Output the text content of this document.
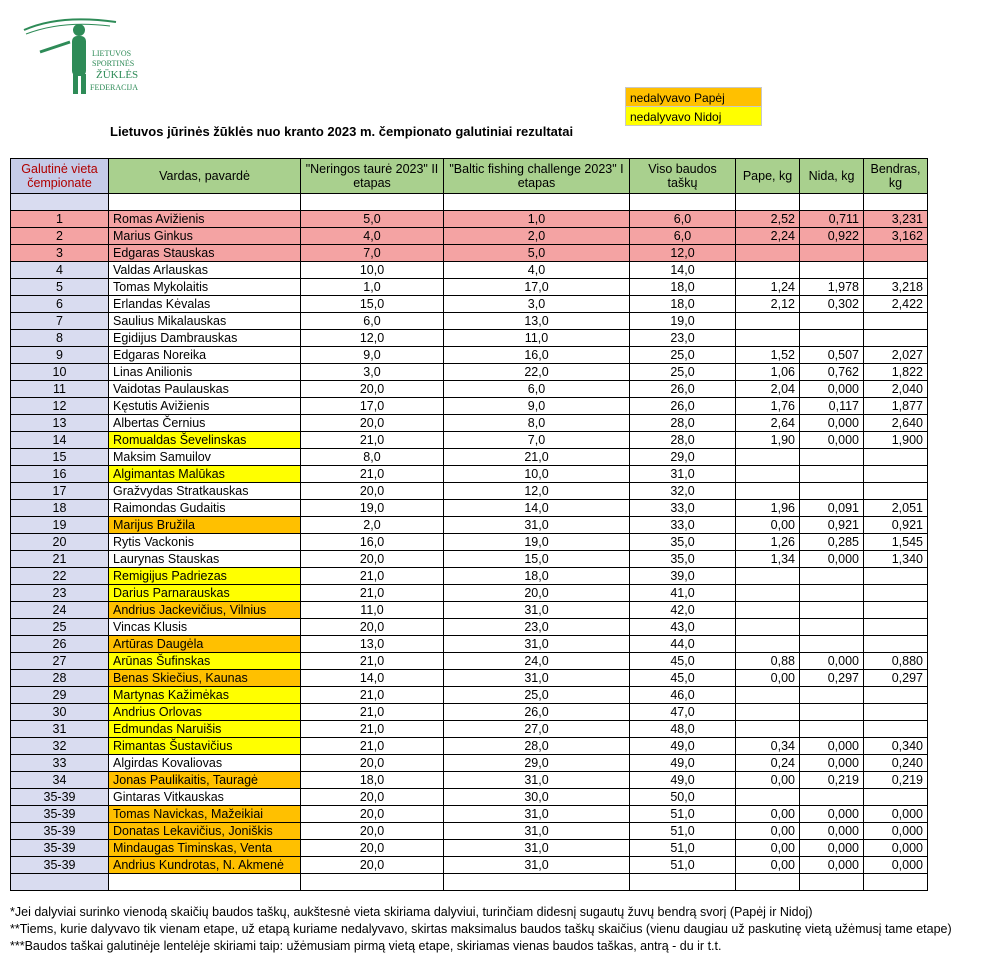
LIETUVOS
SPORTINĖS
ŽŪKLĖS
FEDERACIJA
nedalyvavo Papėj
nedalyvavo Nidoj
Lietuvos jūrinės žūklės nuo kranto 2023 m. čempionato galutiniai rezultatai
Galutinė vieta čempionate	Vardas, pavardė	"Neringos taurė 2023" II etapas	"Baltic fishing challenge 2023" I etapas	Viso baudos taškų	Pape, kg	Nida, kg	Bendras, kg

1	Romas Avižienis	5,0	1,0	6,0	2,52	0,711	3,231
2	Marius Ginkus	4,0	2,0	6,0	2,24	0,922	3,162
3	Edgaras Stauskas	7,0	5,0	12,0			
4	Valdas Arlauskas	10,0	4,0	14,0			
5	Tomas Mykolaitis	1,0	17,0	18,0	1,24	1,978	3,218
6	Erlandas Kėvalas	15,0	3,0	18,0	2,12	0,302	2,422
7	Saulius Mikalauskas	6,0	13,0	19,0			
8	Egidijus Dambrauskas	12,0	11,0	23,0			
9	Edgaras Noreika	9,0	16,0	25,0	1,52	0,507	2,027
10	Linas Anilionis	3,0	22,0	25,0	1,06	0,762	1,822
11	Vaidotas Paulauskas	20,0	6,0	26,0	2,04	0,000	2,040
12	Kęstutis Avižienis	17,0	9,0	26,0	1,76	0,117	1,877
13	Albertas Černius	20,0	8,0	28,0	2,64	0,000	2,640
14	Romualdas Ševelinskas	21,0	7,0	28,0	1,90	0,000	1,900
15	Maksim Samuilov	8,0	21,0	29,0			
16	Algimantas Malūkas	21,0	10,0	31,0			
17	Gražvydas Stratkauskas	20,0	12,0	32,0			
18	Raimondas Gudaitis	19,0	14,0	33,0	1,96	0,091	2,051
19	Marijus Bružila	2,0	31,0	33,0	0,00	0,921	0,921
20	Rytis Vackonis	16,0	19,0	35,0	1,26	0,285	1,545
21	Laurynas Stauskas	20,0	15,0	35,0	1,34	0,000	1,340
22	Remigijus Padriezas	21,0	18,0	39,0			
23	Darius Parnarauskas	21,0	20,0	41,0			
24	Andrius Jackevičius, Vilnius	11,0	31,0	42,0			
25	Vincas Klusis	20,0	23,0	43,0			
26	Artūras Daugėla	13,0	31,0	44,0			
27	Arūnas Šufinskas	21,0	24,0	45,0	0,88	0,000	0,880
28	Benas Skiečius, Kaunas	14,0	31,0	45,0	0,00	0,297	0,297
29	Martynas Kažimėkas	21,0	25,0	46,0			
30	Andrius Orlovas	21,0	26,0	47,0			
31	Edmundas Naruišis	21,0	27,0	48,0			
32	Rimantas Šustavičius	21,0	28,0	49,0	0,34	0,000	0,340
33	Algirdas Kovaliovas	20,0	29,0	49,0	0,24	0,000	0,240
34	Jonas Paulikaitis, Tauragė	18,0	31,0	49,0	0,00	0,219	0,219
35-39	Gintaras Vitkauskas	20,0	30,0	50,0			
35-39	Tomas Navickas, Mažeikiai	20,0	31,0	51,0	0,00	0,000	0,000
35-39	Donatas Lekavičius, Joniškis	20,0	31,0	51,0	0,00	0,000	0,000
35-39	Mindaugas Timinskas, Venta	20,0	31,0	51,0	0,00	0,000	0,000
35-39	Andrius Kundrotas, N. Akmenė	20,0	31,0	51,0	0,00	0,000	0,000

*Jei dalyviai surinko vienodą skaičių baudos taškų, aukštesnė vieta skiriama dalyviui, turinčiam didesnį sugautų žuvų bendrą svorį (Papėj ir Nidoj)
**Tiems, kurie dalyvavo tik vienam etape, už etapą kuriame nedalyvavo, skirtas maksimalus baudos taškų skaičius (vienu daugiau už paskutinę vietą užėmusį tame etape)
***Baudos taškai galutinėje lentelėje skiriami taip: užėmusiam pirmą vietą etape, skiriamas vienas baudos taškas, antrą - du ir t.t.
